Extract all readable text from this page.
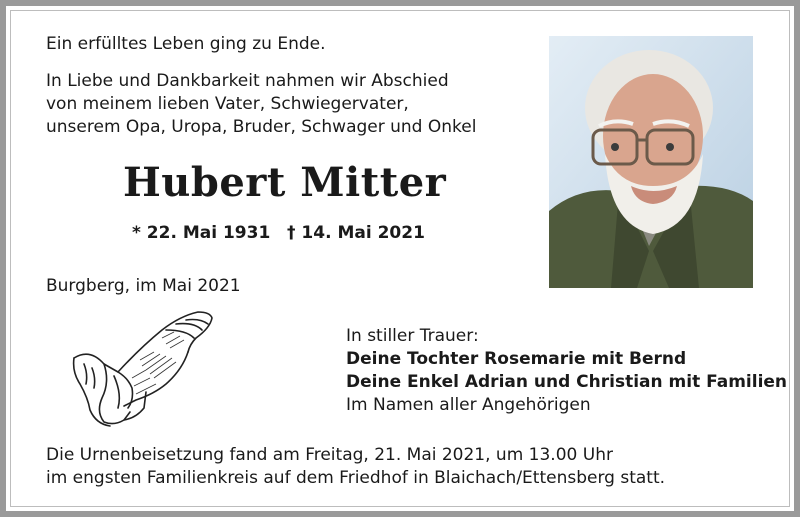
Ein erfülltes Leben ging zu Ende.
In Liebe und Dankbarkeit nahmen wir Abschied
von meinem lieben Vater, Schwiegervater,
unserem Opa, Uropa, Bruder, Schwager und Onkel
Hubert Mitter
* 22. Mai 1931 † 14. Mai 2021
Burgberg, im Mai 2021
In stiller Trauer:
Deine Tochter Rosemarie mit Bernd
Deine Enkel Adrian und Christian mit Familien
Im Namen aller Angehörigen
Die Urnenbeisetzung fand am Freitag, 21. Mai 2021, um 13.00 Uhr
im engsten Familienkreis auf dem Friedhof in Blaichach/Ettensberg statt.
